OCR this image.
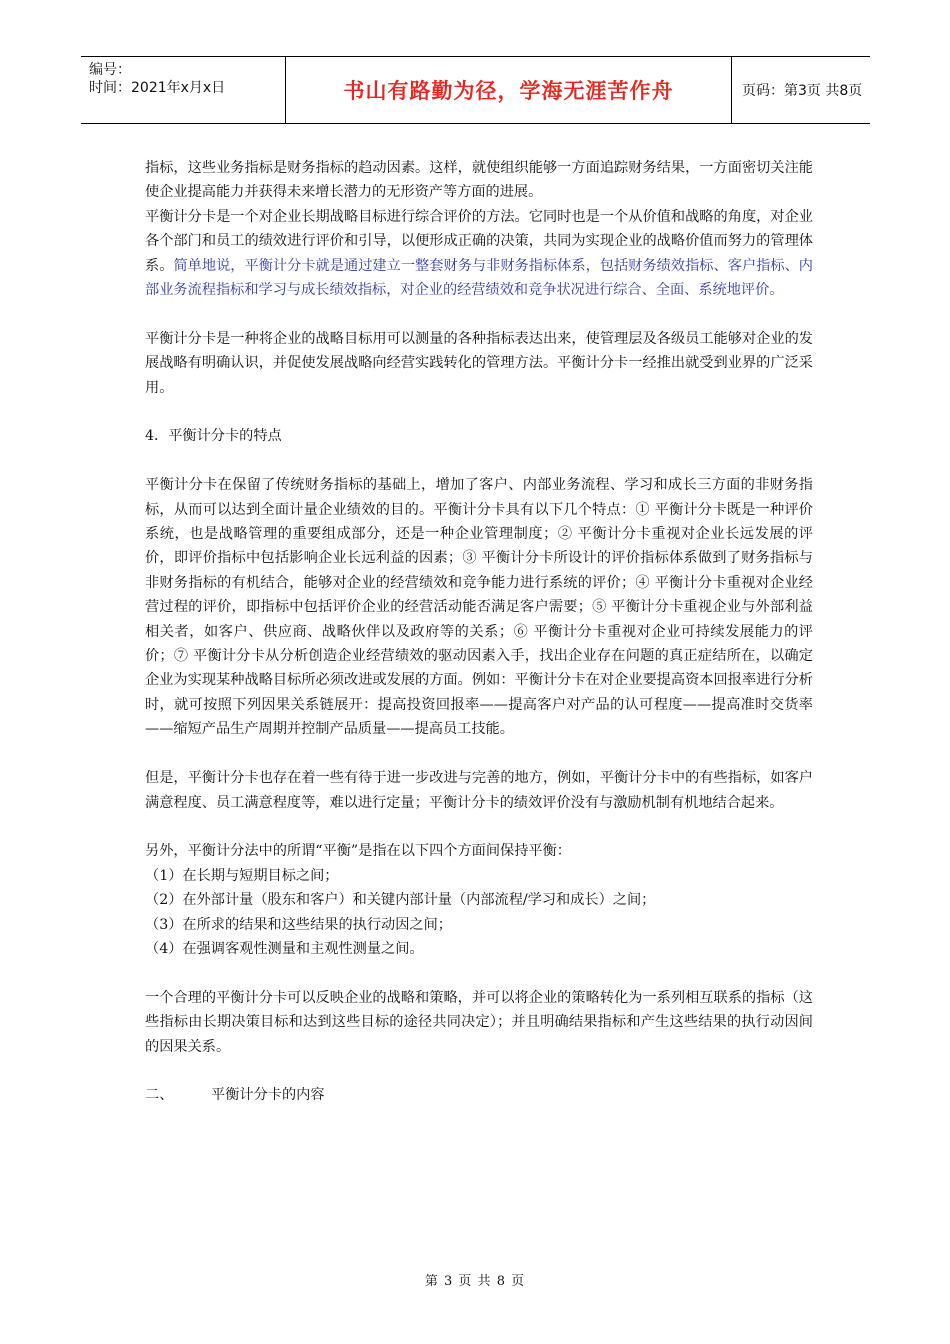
编号：
时间：2021年x月x日	书山有路勤为径，学海无涯苦作舟	页码：第3页 共8页

指标，这些业务指标是财务指标的趋动因素。这样，就使组织能够一方面追踪财务结果，一方面密切关注能使企业提高能力并获得未来增长潜力的无形资产等方面的进展。

平衡计分卡是一个对企业长期战略目标进行综合评价的方法。它同时也是一个从价值和战略的角度，对企业各个部门和员工的绩效进行评价和引导，以便形成正确的决策，共同为实现企业的战略价值而努力的管理体系。简单地说，平衡计分卡就是通过建立一整套财务与非财务指标体系，包括财务绩效指标、客户指标、内部业务流程指标和学习与成长绩效指标，对企业的经营绩效和竞争状况进行综合、全面、系统地评价。

平衡计分卡是一种将企业的战略目标用可以测量的各种指标表达出来，使管理层及各级员工能够对企业的发展战略有明确认识，并促使发展战略向经营实践转化的管理方法。平衡计分卡一经推出就受到业界的广泛采用。

4．平衡计分卡的特点

平衡计分卡在保留了传统财务指标的基础上，增加了客户、内部业务流程、学习和成长三方面的非财务指标，从而可以达到全面计量企业绩效的目的。平衡计分卡具有以下几个特点：① 平衡计分卡既是一种评价系统，也是战略管理的重要组成部分，还是一种企业管理制度；② 平衡计分卡重视对企业长远发展的评价，即评价指标中包括影响企业长远利益的因素；③ 平衡计分卡所设计的评价指标体系做到了财务指标与非财务指标的有机结合，能够对企业的经营绩效和竞争能力进行系统的评价；④ 平衡计分卡重视对企业经营过程的评价，即指标中包括评价企业的经营活动能否满足客户需要；⑤ 平衡计分卡重视企业与外部利益相关者，如客户、供应商、战略伙伴以及政府等的关系；⑥ 平衡计分卡重视对企业可持续发展能力的评价；⑦ 平衡计分卡从分析创造企业经营绩效的驱动因素入手，找出企业存在问题的真正症结所在，以确定企业为实现某种战略目标所必须改进或发展的方面。例如：平衡计分卡在对企业要提高资本回报率进行分析时，就可按照下列因果关系链展开：提高投资回报率——提高客户对产品的认可程度——提高准时交货率——缩短产品生产周期并控制产品质量——提高员工技能。

但是，平衡计分卡也存在着一些有待于进一步改进与完善的地方，例如，平衡计分卡中的有些指标，如客户满意程度、员工满意程度等，难以进行定量；平衡计分卡的绩效评价没有与激励机制有机地结合起来。

另外，平衡计分法中的所谓“平衡”是指在以下四个方面间保持平衡：

（1）在长期与短期目标之间；

（2）在外部计量（股东和客户）和关键内部计量（内部流程/学习和成长）之间；

（3）在所求的结果和这些结果的执行动因之间；

（4）在强调客观性测量和主观性测量之间。

一个合理的平衡计分卡可以反映企业的战略和策略，并可以将企业的策略转化为一系列相互联系的指标（这些指标由长期决策目标和达到这些目标的途径共同决定）；并且明确结果指标和产生这些结果的执行动因间的因果关系。

二、	平衡计分卡的内容
第 3 页 共 8 页
